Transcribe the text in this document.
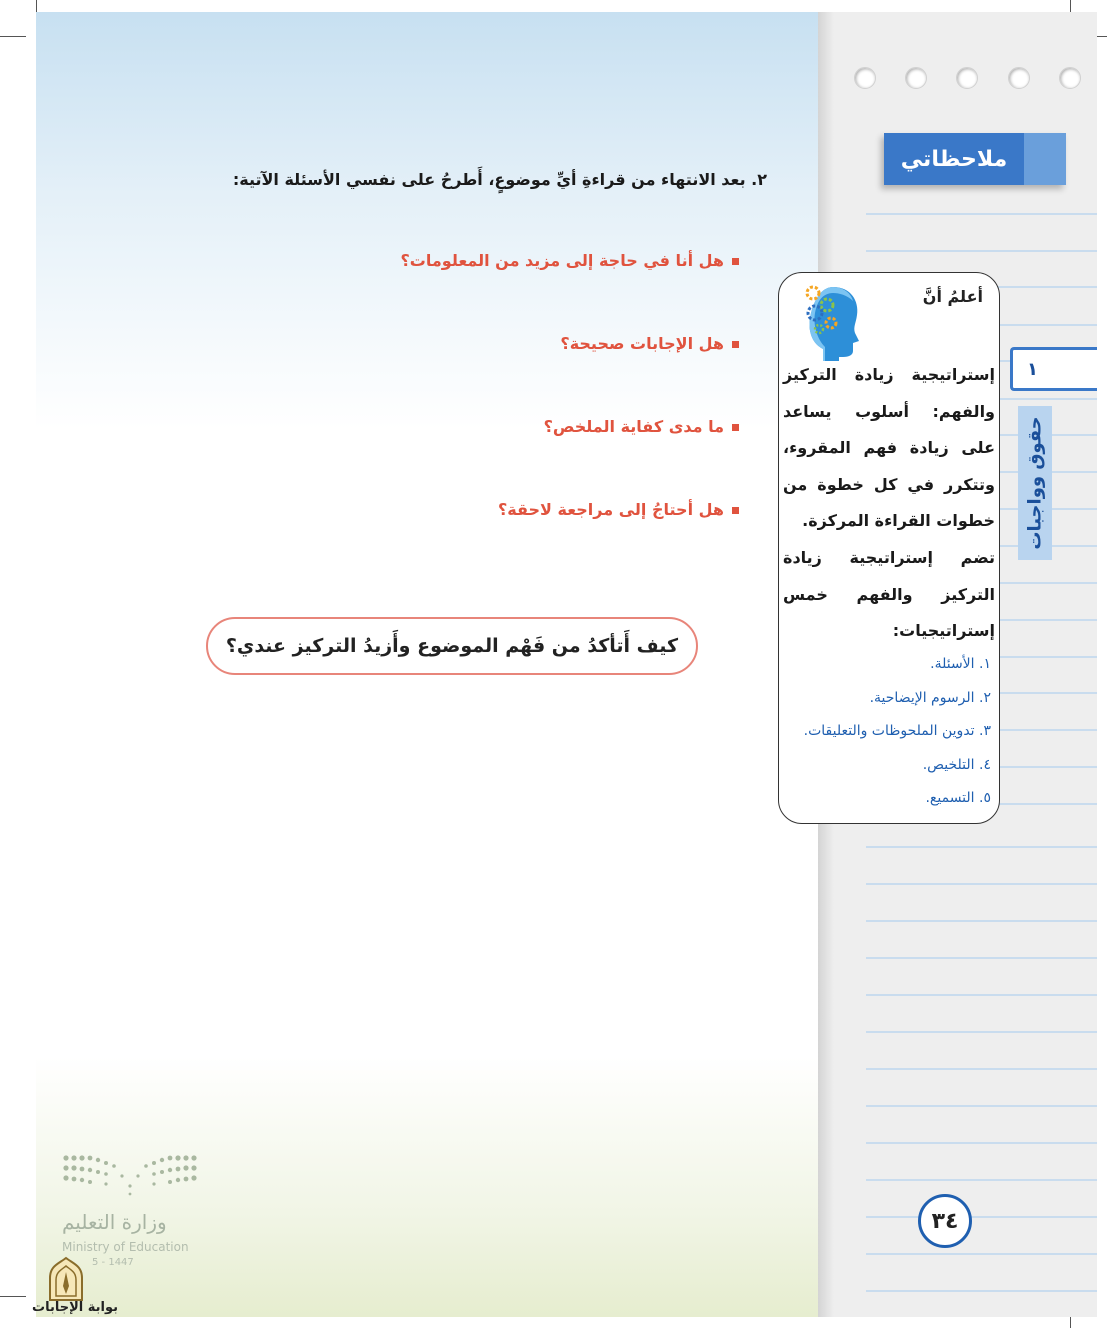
ملاحظاتي
١
حقوق وواجبات
٢. بعد الانتهاء من قراءةِ أيِّ موضوعٍ، أَطرحُ على نفسي الأسئلة الآتية:
هل أنا في حاجة إلى مزيد من المعلومات؟
هل الإجابات صحيحة؟
ما مدى كفاية الملخص؟
هل أحتاجُ إلى مراجعة لاحقة؟
كيف أَتأكدُ من فَهْم الموضوع وأَزيدُ التركيز عندي؟
أعلمُ أنَّ
إستراتيجية زيادة التركيز والفهم: أسلوب يساعد على زيادة فهم المقروء، وتتكرر في كل خطوة من خطوات القراءة المركزة.
تضم إستراتيجية زيادة التركيز والفهم خمس إستراتيجيات:
١. الأسئلة.
٢. الرسوم الإيضاحية.
٣. تدوين الملحوظات والتعليقات.
٤. التلخيص.
٥. التسميع.
٣٤
وزارة التعليم
Ministry of Education
5 - 1447
بوابة الإجابات
